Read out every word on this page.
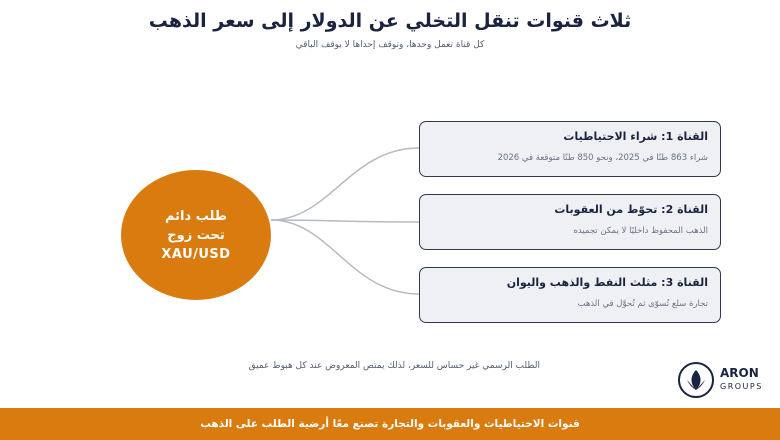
ثلاث قنوات تنقل التخلي عن الدولار إلى سعر الذهب
كل قناة تعمل وحدها، وتوقف إحداها لا يوقف الباقي
طلب دائم
تحت زوج
XAU/USD
القناة 1: شراء الاحتياطيات
شراء 863 طنًا في 2025، ونحو 850 طنًا متوقعة في 2026
القناة 2: تحوّط من العقوبات
الذهب المحفوظ داخليًا لا يمكن تجميده
القناة 3: مثلث النفط والذهب واليوان
تجارة سلع تُسوّى ثم تُحوَّل في الذهب
الطلب الرسمي غير حساس للسعر، لذلك يمتص المعروض عند كل هبوط عميق	ARON
GROUPS
قنوات الاحتياطيات والعقوبات والتجارة تصنع معًا أرضية الطلب على الذهب
